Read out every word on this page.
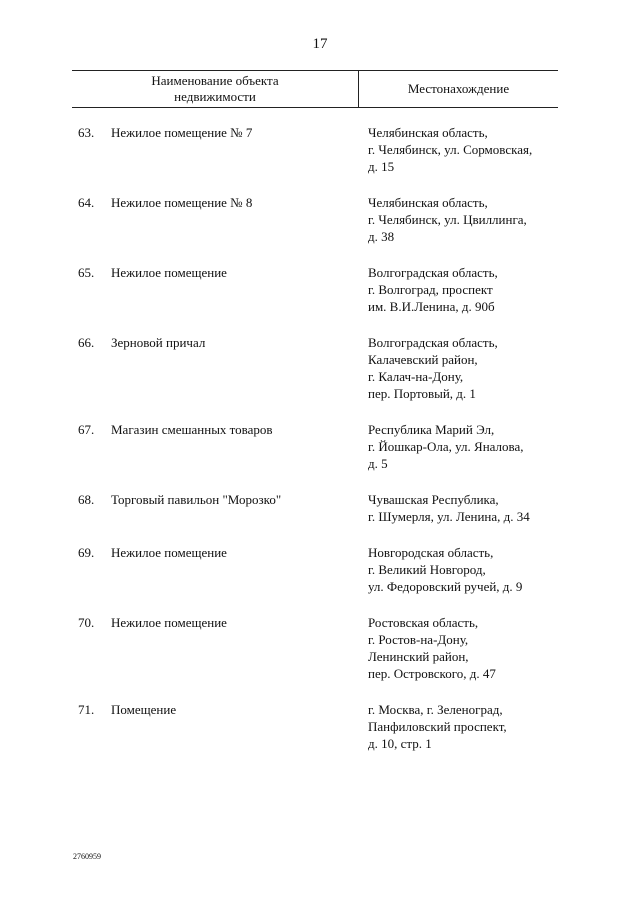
17
Наименование объекта
недвижимости
Местонахождение
63.	Нежилое помещение № 7	Челябинская область,
г. Челябинск, ул. Сормовская,
д. 15
64.	Нежилое помещение № 8	Челябинская область,
г. Челябинск, ул. Цвиллинга,
д. 38
65.	Нежилое помещение	Волгоградская область,
г. Волгоград, проспект
им. В.И.Ленина, д. 90б
66.	Зерновой причал	Волгоградская область,
Калачевский район,
г. Калач-на-Дону,
пер. Портовый, д. 1
67.	Магазин смешанных товаров	Республика Марий Эл,
г. Йошкар-Ола, ул. Яналова,
д. 5
68.	Торговый павильон "Морозко"	Чувашская Республика,
г. Шумерля, ул. Ленина, д. 34
69.	Нежилое помещение	Новгородская область,
г. Великий Новгород,
ул. Федоровский ручей, д. 9
70.	Нежилое помещение	Ростовская область,
г. Ростов-на-Дону,
Ленинский район,
пер. Островского, д. 47
71.	Помещение	г. Москва, г. Зеленоград,
Панфиловский проспект,
д. 10, стр. 1
2760959
